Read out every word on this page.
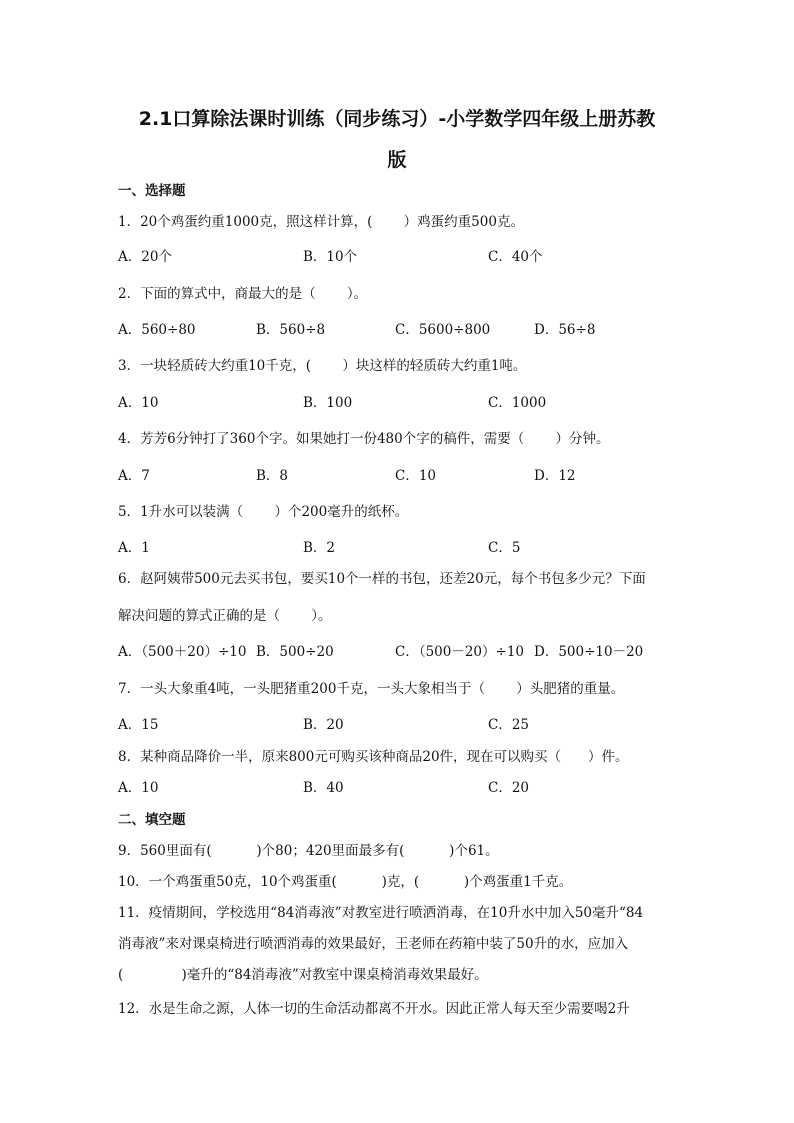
2.1口算除法课时训练（同步练习）-小学数学四年级上册苏教
版
一、选择题
1．20个鸡蛋约重1000克，照这样计算，(　　 ）鸡蛋约重500克。
A．20个	B．10个	C．40个
2．下面的算式中，商最大的是（　　 ）。
A．560÷80	B．560÷8	C．5600÷800	D．56÷8
3．一块轻质砖大约重10千克，(　　 ）块这样的轻质砖大约重1吨。
A．10	B．100	C．1000
4．芳芳6分钟打了360个字。如果她打一份480个字的稿件，需要（　　 ）分钟。
A．7	B．8	C．10	D．12
5．1升水可以装满（　　 ）个200毫升的纸杯。
A．1	B．2	C．5
6．赵阿姨带500元去买书包，要买10个一样的书包，还差20元，每个书包多少元？下面
解决问题的算式正确的是（　　 ）。
A．（500＋20）÷10 B．500÷20	C．（500－20）÷10 D．500÷10－20
7．一头大象重4吨，一头肥猪重200千克，一头大象相当于（　　 ）头肥猪的重量。
A．15	B．20	C．25
8．某种商品降价一半，原来800元可购买该种商品20件，现在可以购买（　　）件。
A．10	B．40	C．20
二、填空题
9．560里面有(　　　 )个80；420里面最多有(　　　 )个61。
10．一个鸡蛋重50克，10个鸡蛋重(　　　 )克，(　　　 )个鸡蛋重1千克。
11．疫情期间，学校选用“84消毒液”对教室进行喷洒消毒，在10升水中加入50毫升“84
消毒液”来对课桌椅进行喷洒消毒的效果最好，王老师在药箱中装了50升的水，应加入
(　　　　 )毫升的“84消毒液”对教室中课桌椅消毒效果最好。
12．水是生命之源，人体一切的生命活动都离不开水。因此正常人每天至少需要喝2升
